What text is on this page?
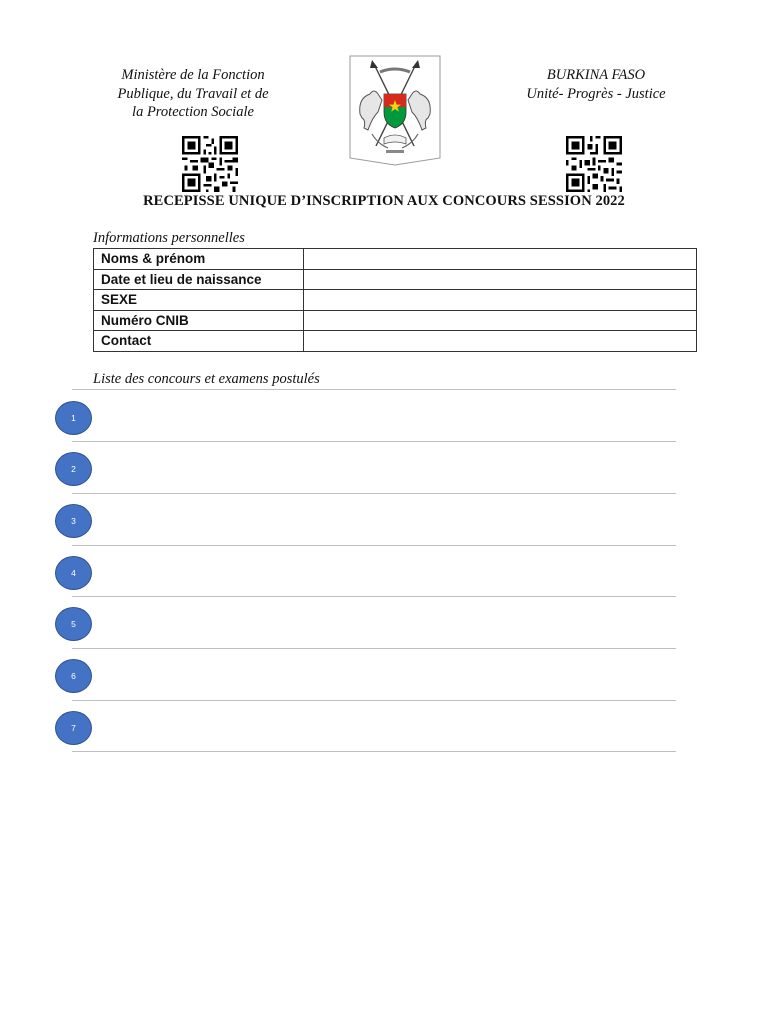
Ministère de la Fonction
Publique, du Travail et de
la Protection Sociale
BURKINA FASO
Unité- Progrès - Justice
RECEPISSE UNIQUE D’INSCRIPTION AUX CONCOURS SESSION 2022
Informations personnelles
Noms & prénom	
Date et lieu de naissance	
SEXE	
Numéro CNIB	
Contact	
Liste des concours et examens postulés
1
2
3
4
5
6
7
